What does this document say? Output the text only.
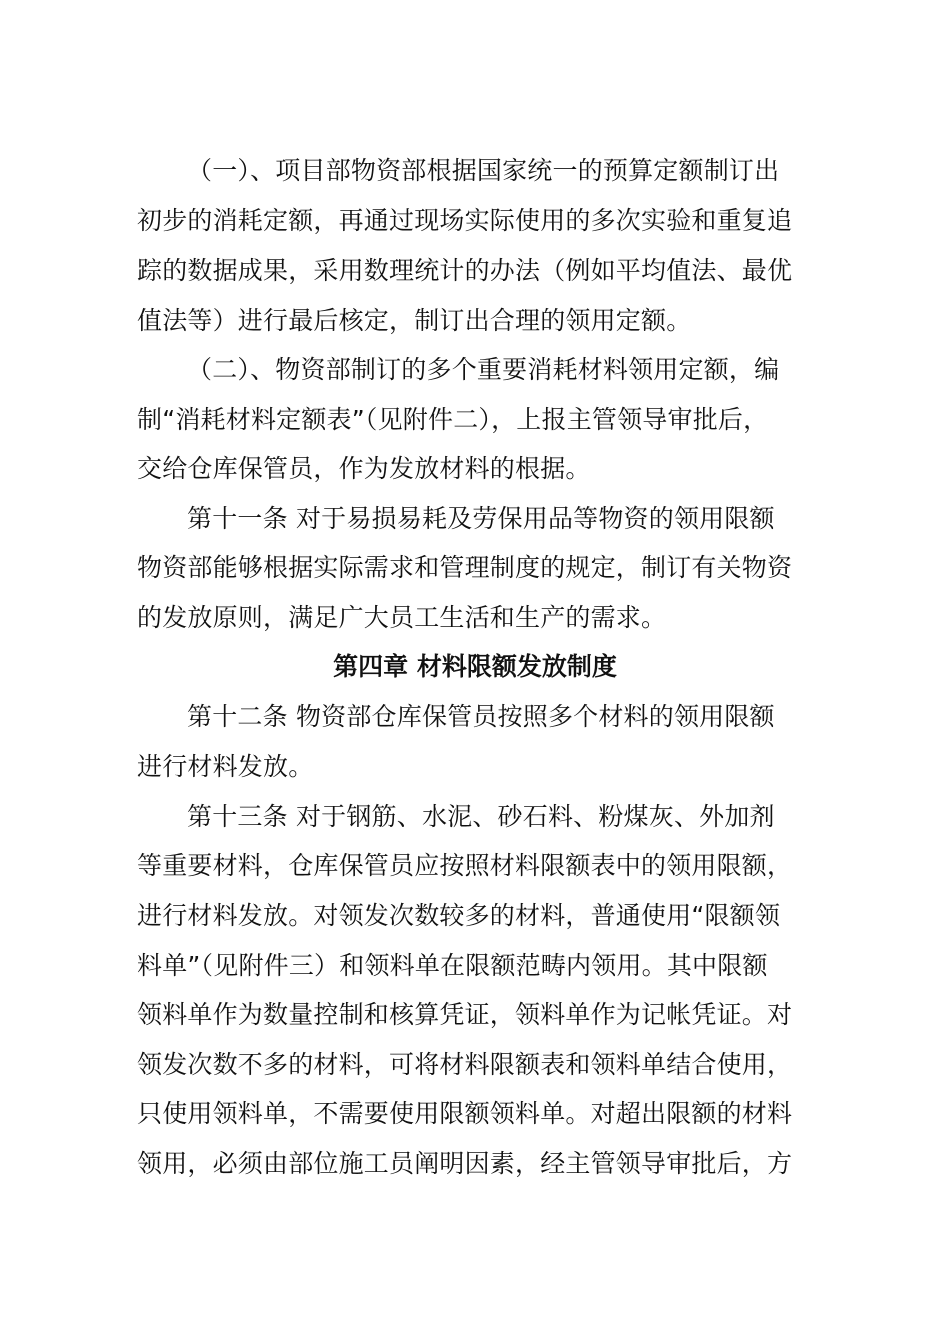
（一）、项目部物资部根据国家统一的预算定额制订出
初步的消耗定额，再通过现场实际使用的多次实验和重复追
踪的数据成果，采用数理统计的办法（例如平均值法、最优
值法等）进行最后核定，制订出合理的领用定额。
（二）、物资部制订的多个重要消耗材料领用定额，编
制“消耗材料定额表”（见附件二），上报主管领导审批后，
交给仓库保管员，作为发放材料的根据。
第十一条 对于易损易耗及劳保用品等物资的领用限额
物资部能够根据实际需求和管理制度的规定，制订有关物资
的发放原则，满足广大员工生活和生产的需求。
第四章 材料限额发放制度
第十二条 物资部仓库保管员按照多个材料的领用限额
进行材料发放。
第十三条 对于钢筋、水泥、砂石料、粉煤灰、外加剂
等重要材料，仓库保管员应按照材料限额表中的领用限额，
进行材料发放。对领发次数较多的材料，普通使用“限额领
料单”（见附件三）和领料单在限额范畴内领用。其中限额
领料单作为数量控制和核算凭证，领料单作为记帐凭证。对
领发次数不多的材料，可将材料限额表和领料单结合使用，
只使用领料单，不需要使用限额领料单。对超出限额的材料
领用，必须由部位施工员阐明因素，经主管领导审批后，方
